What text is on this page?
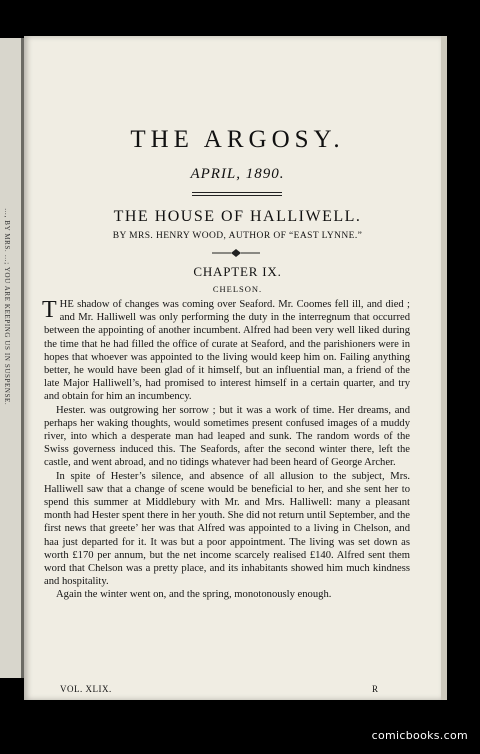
…, BY MRS. …; YOU ARE KEEPING US IN SUSPENSE.
THE ARGOSY.
APRIL, 1890.
THE HOUSE OF HALLIWELL.
BY MRS. HENRY WOOD, AUTHOR OF “EAST LYNNE.”
CHAPTER IX.
CHELSON.

THE shadow of changes was coming over Seaford. Mr. Coomes fell ill, and died ; and Mr. Halliwell was only performing the duty in the interregnum that occurred between the appointing of another incumbent. Alfred had been very well liked during the time that he had filled the office of curate at Seaford, and the parishioners were in hopes that whoever was appointed to the living would keep him on. Failing anything better, he would have been glad of it himself, but an influential man, a friend of the late Major Halliwell’s, had promised to interest himself in a certain quarter, and try and obtain for him an incumbency.

Hester. was outgrowing her sorrow ; but it was a work of time. Her dreams, and perhaps her waking thoughts, would sometimes present confused images of a muddy river, into which a desperate man had leaped and sunk. The random words of the Swiss governess induced this. The Seafords, after the second winter there, left the castle, and went abroad, and no tidings whatever had been heard of George Archer.

In spite of Hester’s silence, and absence of all allusion to the subject, Mrs. Halliwell saw that a change of scene would be beneficial to her, and she sent her to spend this summer at Middlebury with Mr. and Mrs. Halliwell: many a pleasant month had Hester spent there in her youth. She did not return until September, and the first news that greete’ her was that Alfred was appointed to a living in Chelson, and haa just departed for it. It was but a poor appointment. The living was set down as worth £170 per annum, but the net income scarcely realised £140. Alfred sent them word that Chelson was a pretty place, and its inhabitants showed him much kindness and hospitality.

Again the winter went on, and the spring, monotonously enough.

VOL. XLIX.	R
comicbooks.com
